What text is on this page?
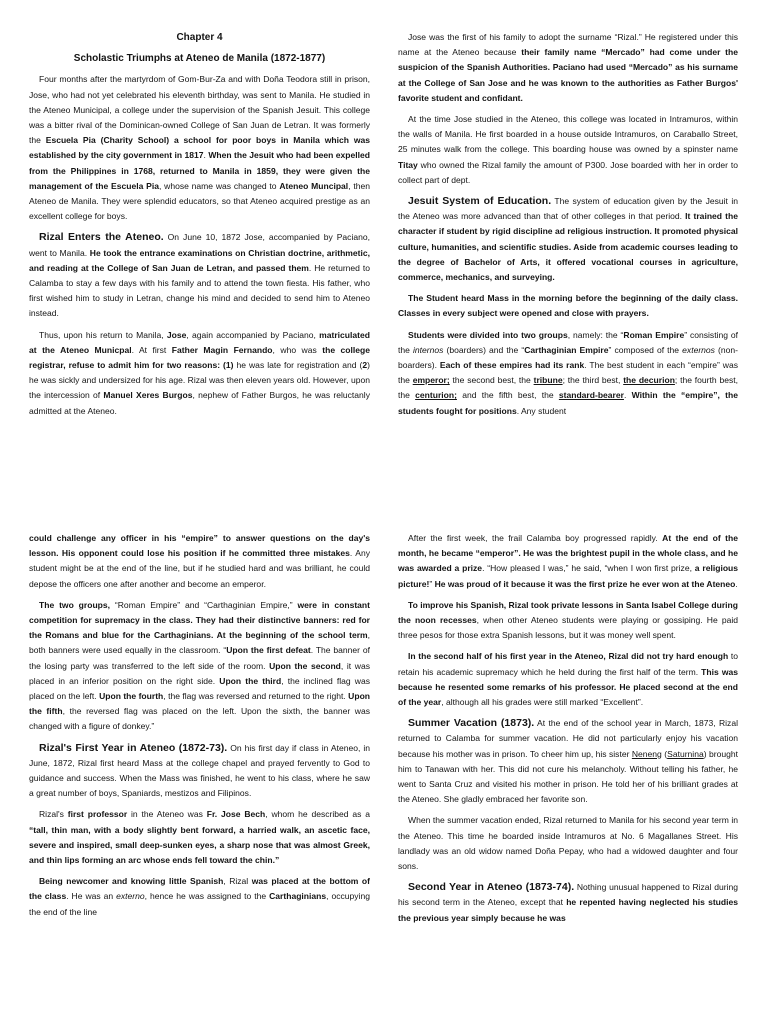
Chapter 4

Scholastic Triumphs at Ateneo de Manila (1872-1877)

Four months after the martyrdom of Gom-Bur-Za and with Doña Teodora still in prison, Jose, who had not yet celebrated his eleventh birthday, was sent to Manila. He studied in the Ateneo Municipal, a college under the supervision of the Spanish Jesuit. This college was a bitter rival of the Dominican-owned College of San Juan de Letran. It was formerly the Escuela Pia (Charity School) a school for poor boys in Manila which was established by the city government in 1817. When the Jesuit who had been expelled from the Philippines in 1768, returned to Manila in 1859, they were given the management of the Escuela Pia, whose name was changed to Ateneo Muncipal, then Ateneo de Manila. They were splendid educators, so that Ateneo acquired prestige as an excellent college for boys.

Rizal Enters the Ateneo. On June 10, 1872 Jose, accompanied by Paciano, went to Manila. He took the entrance examinations on Christian doctrine, arithmetic, and reading at the College of San Juan de Letran, and passed them. He returned to Calamba to stay a few days with his family and to attend the town fiesta. His father, who first wished him to study in Letran, change his mind and decided to send him to Ateneo instead.

Thus, upon his return to Manila, Jose, again accompanied by Paciano, matriculated at the Ateneo Municpal. At first Father Magin Fernando, who was the college registrar, refuse to admit him for two reasons: (1) he was late for registration and (2) he was sickly and undersized for his age. Rizal was then eleven years old. However, upon the intercession of Manuel Xeres Burgos, nephew of Father Burgos, he was reluctanly admitted at the Ateneo.

Jose was the first of his family to adopt the surname “Rizal.” He registered under this name at the Ateneo because their family name “Mercado” had come under the suspicion of the Spanish Authorities. Paciano had used “Mercado” as his surname at the College of San Jose and he was known to the authorities as Father Burgos' favorite student and confidant.

At the time Jose studied in the Ateneo, this college was located in Intramuros, within the walls of Manila. He first boarded in a house outside Intramuros, on Caraballo Street, 25 minutes walk from the college. This boarding house was owned by a spinster name Titay who owned the Rizal family the amount of P300. Jose boarded with her in order to collect part of dept.

Jesuit System of Education. The system of education given by the Jesuit in the Ateneo was more advanced than that of other colleges in that period. It trained the character if student by rigid discipline ad religious instruction. It promoted physical culture, humanities, and scientific studies. Aside from academic courses leading to the degree of Bachelor of Arts, it offered vocational courses in agriculture, commerce, mechanics, and surveying.

The Student heard Mass in the morning before the beginning of the daily class. Classes in every subject were opened and close with prayers.

Students were divided into two groups, namely: the “Roman Empire” consisting of the internos (boarders) and the “Carthaginian Empire” composed of the externos (non-boarders). Each of these empires had its rank. The best student in each “empire” was the emperor; the second best, the tribune; the third best, the decurion; the fourth best, the centurion; and the fifth best, the standard-bearer. Within the “empire”, the students fought for positions. Any student

could challenge any officer in his “empire” to answer questions on the day's lesson. His opponent could lose his position if he committed three mistakes. Any student might be at the end of the line, but if he studied hard and was brilliant, he could depose the officers one after another and become an emperor.

The two groups, “Roman Empire” and “Carthaginian Empire,” were in constant competition for supremacy in the class. They had their distinctive banners: red for the Romans and blue for the Carthaginians. At the beginning of the school term, both banners were used equally in the classroom. “Upon the first defeat. The banner of the losing party was transferred to the left side of the room. Upon the second, it was placed in an inferior position on the right side. Upon the third, the inclined flag was placed on the left. Upon the fourth, the flag was reversed and returned to the right. Upon the fifth, the reversed flag was placed on the left. Upon the sixth, the banner was changed with a figure of donkey.”

Rizal's First Year in Ateneo (1872-73). On his first day if class in Ateneo, in June, 1872, Rizal first heard Mass at the college chapel and prayed fervently to God to guidance and success. When the Mass was finished, he went to his class, where he saw a great number of boys, Spaniards, mestizos and Filipinos.

Rizal's first professor in the Ateneo was Fr. Jose Bech, whom he described as a “tall, thin man, with a body slightly bent forward, a harried walk, an ascetic face, severe and inspired, small deep-sunken eyes, a sharp nose that was almost Greek, and thin lips forming an arc whose ends fell toward the chin.”

Being newcomer and knowing little Spanish, Rizal was placed at the bottom of the class. He was an externo, hence he was assigned to the Carthaginians, occupying the end of the line

After the first week, the frail Calamba boy progressed rapidly. At the end of the month, he became “emperor”. He was the brightest pupil in the whole class, and he was awarded a prize. “How pleased I was,” he said, “when I won first prize, a religious picture!” He was proud of it because it was the first prize he ever won at the Ateneo.

To improve his Spanish, Rizal took private lessons in Santa Isabel College during the noon recesses, when other Ateneo students were playing or gossiping. He paid three pesos for those extra Spanish lessons, but it was money well spent.

In the second half of his first year in the Ateneo, Rizal did not try hard enough to retain his academic supremacy which he held during the first half of the term. This was because he resented some remarks of his professor. He placed second at the end of the year, although all his grades were still marked “Excellent”.

Summer Vacation (1873). At the end of the school year in March, 1873, Rizal returned to Calamba for summer vacation. He did not particularly enjoy his vacation because his mother was in prison. To cheer him up, his sister Neneng (Saturnina) brought him to Tanawan with her. This did not cure his melancholy. Without telling his father, he went to Santa Cruz and visited his mother in prison. He told her of his brilliant grades at the Ateneo. She gladly embraced her favorite son.

When the summer vacation ended, Rizal returned to Manila for his second year term in the Ateneo. This time he boarded inside Intramuros at No. 6 Magallanes Street. His landlady was an old widow named Doña Pepay, who had a widowed daughter and four sons.

Second Year in Ateneo (1873-74). Nothing unusual happened to Rizal during his second term in the Ateneo, except that he repented having neglected his studies the previous year simply because he was
